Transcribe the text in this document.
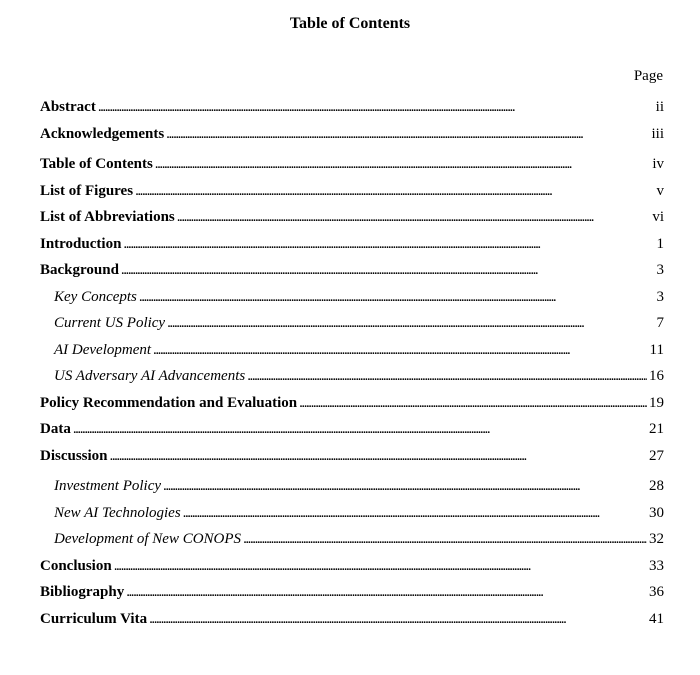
Table of Contents
Page
Abstract . . .	ii
Acknowledgements . . .	iii
Table of Contents . . .	iv
List of Figures . . .	v
List of Abbreviations . . .	vi
Introduction . . .	1
Background . . .	3
Key Concepts . . .	3
Current US Policy . . .	7
AI Development . . .	11
US Adversary AI Advancements . . .	16
Policy Recommendation and Evaluation . . .	19
Data . . .	21
Discussion . . .	27
Investment Policy . . .	28
New AI Technologies . . .	30
Development of New CONOPS . . .	32
Conclusion . . .	33
Bibliography . . .	36
Curriculum Vita . . .	41
